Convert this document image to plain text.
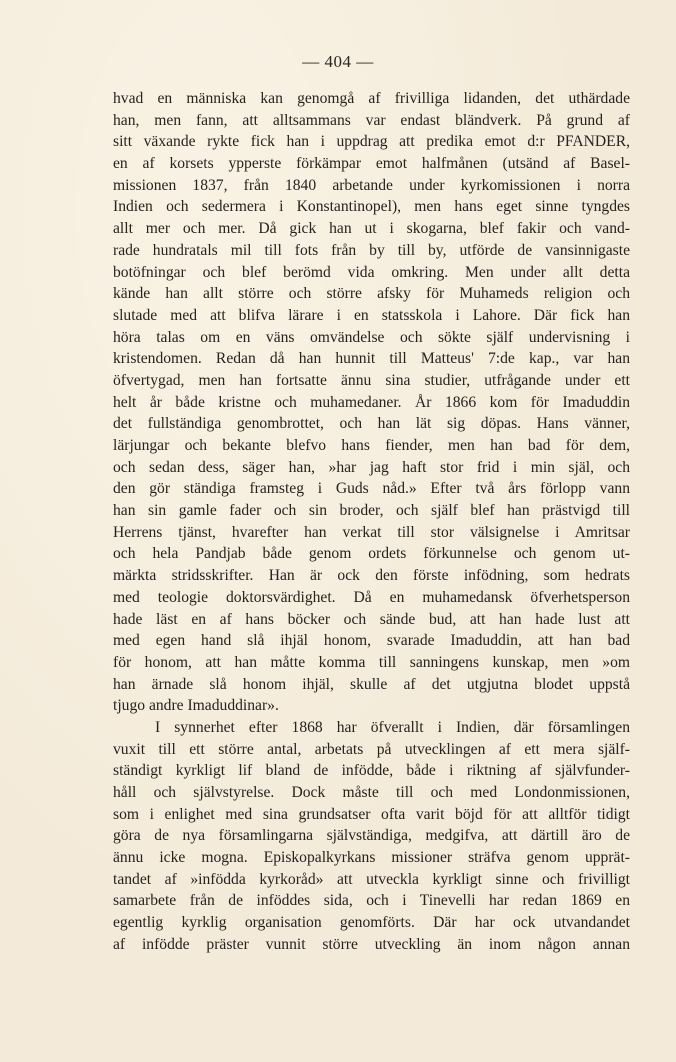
— 404 —
hvad en människa kan genomgå af frivilliga lidanden, det uthärdade
han, men fann, att alltsammans var endast bländverk. På grund af
sitt växande rykte fick han i uppdrag att predika emot d:r PFANDER,
en af korsets ypperste förkämpar emot halfmånen (utsänd af Basel-
missionen 1837, från 1840 arbetande under kyrkomissionen i norra
Indien och sedermera i Konstantinopel), men hans eget sinne tyngdes
allt mer och mer. Då gick han ut i skogarna, blef fakir och vand-
rade hundratals mil till fots från by till by, utförde de vansinnigaste
botöfningar och blef berömd vida omkring. Men under allt detta
kände han allt större och större afsky för Muhameds religion och
slutade med att blifva lärare i en statsskola i Lahore. Där fick han
höra talas om en väns omvändelse och sökte själf undervisning i
kristendomen. Redan då han hunnit till Matteus' 7:de kap., var han
öfvertygad, men han fortsatte ännu sina studier, utfrågande under ett
helt år både kristne och muhamedaner. År 1866 kom för Imaduddin
det fullständiga genombrottet, och han lät sig döpas. Hans vänner,
lärjungar och bekante blefvo hans fiender, men han bad för dem,
och sedan dess, säger han, »har jag haft stor frid i min själ, och
den gör ständiga framsteg i Guds nåd.» Efter två års förlopp vann
han sin gamle fader och sin broder, och själf blef han prästvigd till
Herrens tjänst, hvarefter han verkat till stor välsignelse i Amritsar
och hela Pandjab både genom ordets förkunnelse och genom ut-
märkta stridsskrifter. Han är ock den förste infödning, som hedrats
med teologie doktorsvärdighet. Då en muhamedansk öfverhetsperson
hade läst en af hans böcker och sände bud, att han hade lust att
med egen hand slå ihjäl honom, svarade Imaduddin, att han bad
för honom, att han måtte komma till sanningens kunskap, men »om
han ärnade slå honom ihjäl, skulle af det utgjutna blodet uppstå
tjugo andre Imaduddinar».
I synnerhet efter 1868 har öfverallt i Indien, där församlingen
vuxit till ett större antal, arbetats på utvecklingen af ett mera själf-
ständigt kyrkligt lif bland de infödde, både i riktning af självfunder-
håll och självstyrelse. Dock måste till och med Londonmissionen,
som i enlighet med sina grundsatser ofta varit böjd för att alltför tidigt
göra de nya församlingarna självständiga, medgifva, att därtill äro de
ännu icke mogna. Episkopalkyrkans missioner sträfva genom upprät-
tandet af »infödda kyrkoråd» att utveckla kyrkligt sinne och frivilligt
samarbete från de inföddes sida, och i Tinevelli har redan 1869 en
egentlig kyrklig organisation genomförts. Där har ock utvandandet
af infödde präster vunnit större utveckling än inom någon annan
